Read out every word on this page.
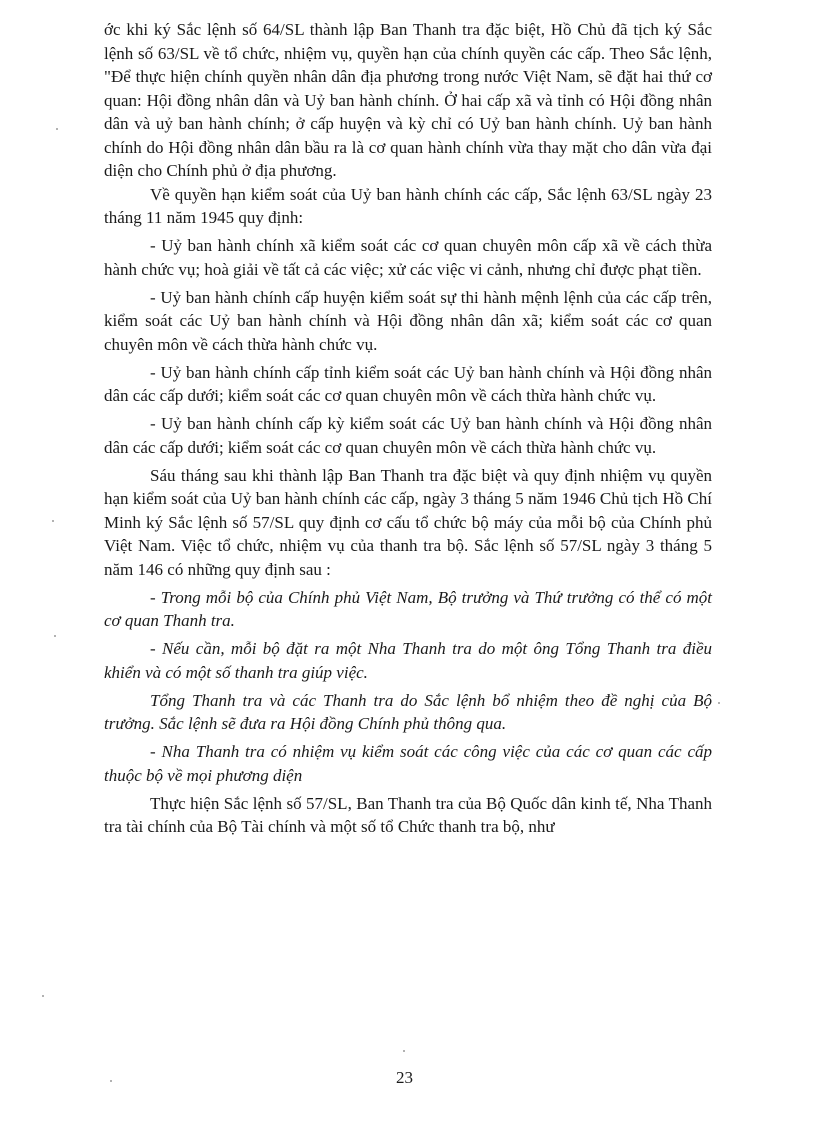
ớc khi ký Sắc lệnh số 64/SL thành lập Ban Thanh tra đặc biệt, Hồ Chủ đã tịch ký Sắc lệnh số 63/SL về tổ chức, nhiệm vụ, quyền hạn của chính quyền các cấp. Theo Sắc lệnh, "Để thực hiện chính quyền nhân dân địa phương trong nước Việt Nam, sẽ đặt hai thứ cơ quan: Hội đồng nhân dân và Uỷ ban hành chính. Ở hai cấp xã và tỉnh có Hội đồng nhân dân và uỷ ban hành chính; ở cấp huyện và kỳ chỉ có Uỷ ban hành chính. Uỷ ban hành chính do Hội đồng nhân dân bầu ra là cơ quan hành chính vừa thay mặt cho dân vừa đại diện cho Chính phủ ở địa phương.

Về quyền hạn kiểm soát của Uỷ ban hành chính các cấp, Sắc lệnh 63/SL ngày 23 tháng 11 năm 1945 quy định:

- Uỷ ban hành chính xã kiểm soát các cơ quan chuyên môn cấp xã về cách thừa hành chức vụ; hoà giải về tất cả các việc; xử các việc vi cảnh, nhưng chỉ được phạt tiền.

- Uỷ ban hành chính cấp huyện kiểm soát sự thi hành mệnh lệnh của các cấp trên, kiểm soát các Uỷ ban hành chính và Hội đồng nhân dân xã; kiểm soát các cơ quan chuyên môn về cách thừa hành chức vụ.

- Uỷ ban hành chính cấp tỉnh kiểm soát các Uỷ ban hành chính và Hội đồng nhân dân các cấp dưới; kiểm soát các cơ quan chuyên môn về cách thừa hành chức vụ.

- Uỷ ban hành chính cấp kỳ kiểm soát các Uỷ ban hành chính và Hội đồng nhân dân các cấp dưới; kiểm soát các cơ quan chuyên môn về cách thừa hành chức vụ.

Sáu tháng sau khi thành lập Ban Thanh tra đặc biệt và quy định nhiệm vụ quyền hạn kiểm soát của Uỷ ban hành chính các cấp, ngày 3 tháng 5 năm 1946 Chủ tịch Hồ Chí Minh ký Sắc lệnh số 57/SL quy định cơ cấu tổ chức bộ máy của mỗi bộ của Chính phủ Việt Nam. Việc tổ chức, nhiệm vụ của thanh tra bộ. Sắc lệnh số 57/SL ngày 3 tháng 5 năm 146 có những quy định sau :

- Trong mỗi bộ của Chính phủ Việt Nam, Bộ trưởng và Thứ trưởng có thể có một cơ quan Thanh tra.

- Nếu cần, mỗi bộ đặt ra một Nha Thanh tra do một ông Tổng Thanh tra điều khiển và có một số thanh tra giúp việc.

Tổng Thanh tra và các Thanh tra do Sắc lệnh bổ nhiệm theo đề nghị của Bộ trưởng. Sắc lệnh sẽ đưa ra Hội đồng Chính phủ thông qua.

- Nha Thanh tra có nhiệm vụ kiểm soát các công việc của các cơ quan các cấp thuộc bộ về mọi phương diện

Thực hiện Sắc lệnh số 57/SL, Ban Thanh tra của Bộ Quốc dân kinh tế, Nha Thanh tra tài chính của Bộ Tài chính và một số tổ Chức thanh tra bộ, như

23
